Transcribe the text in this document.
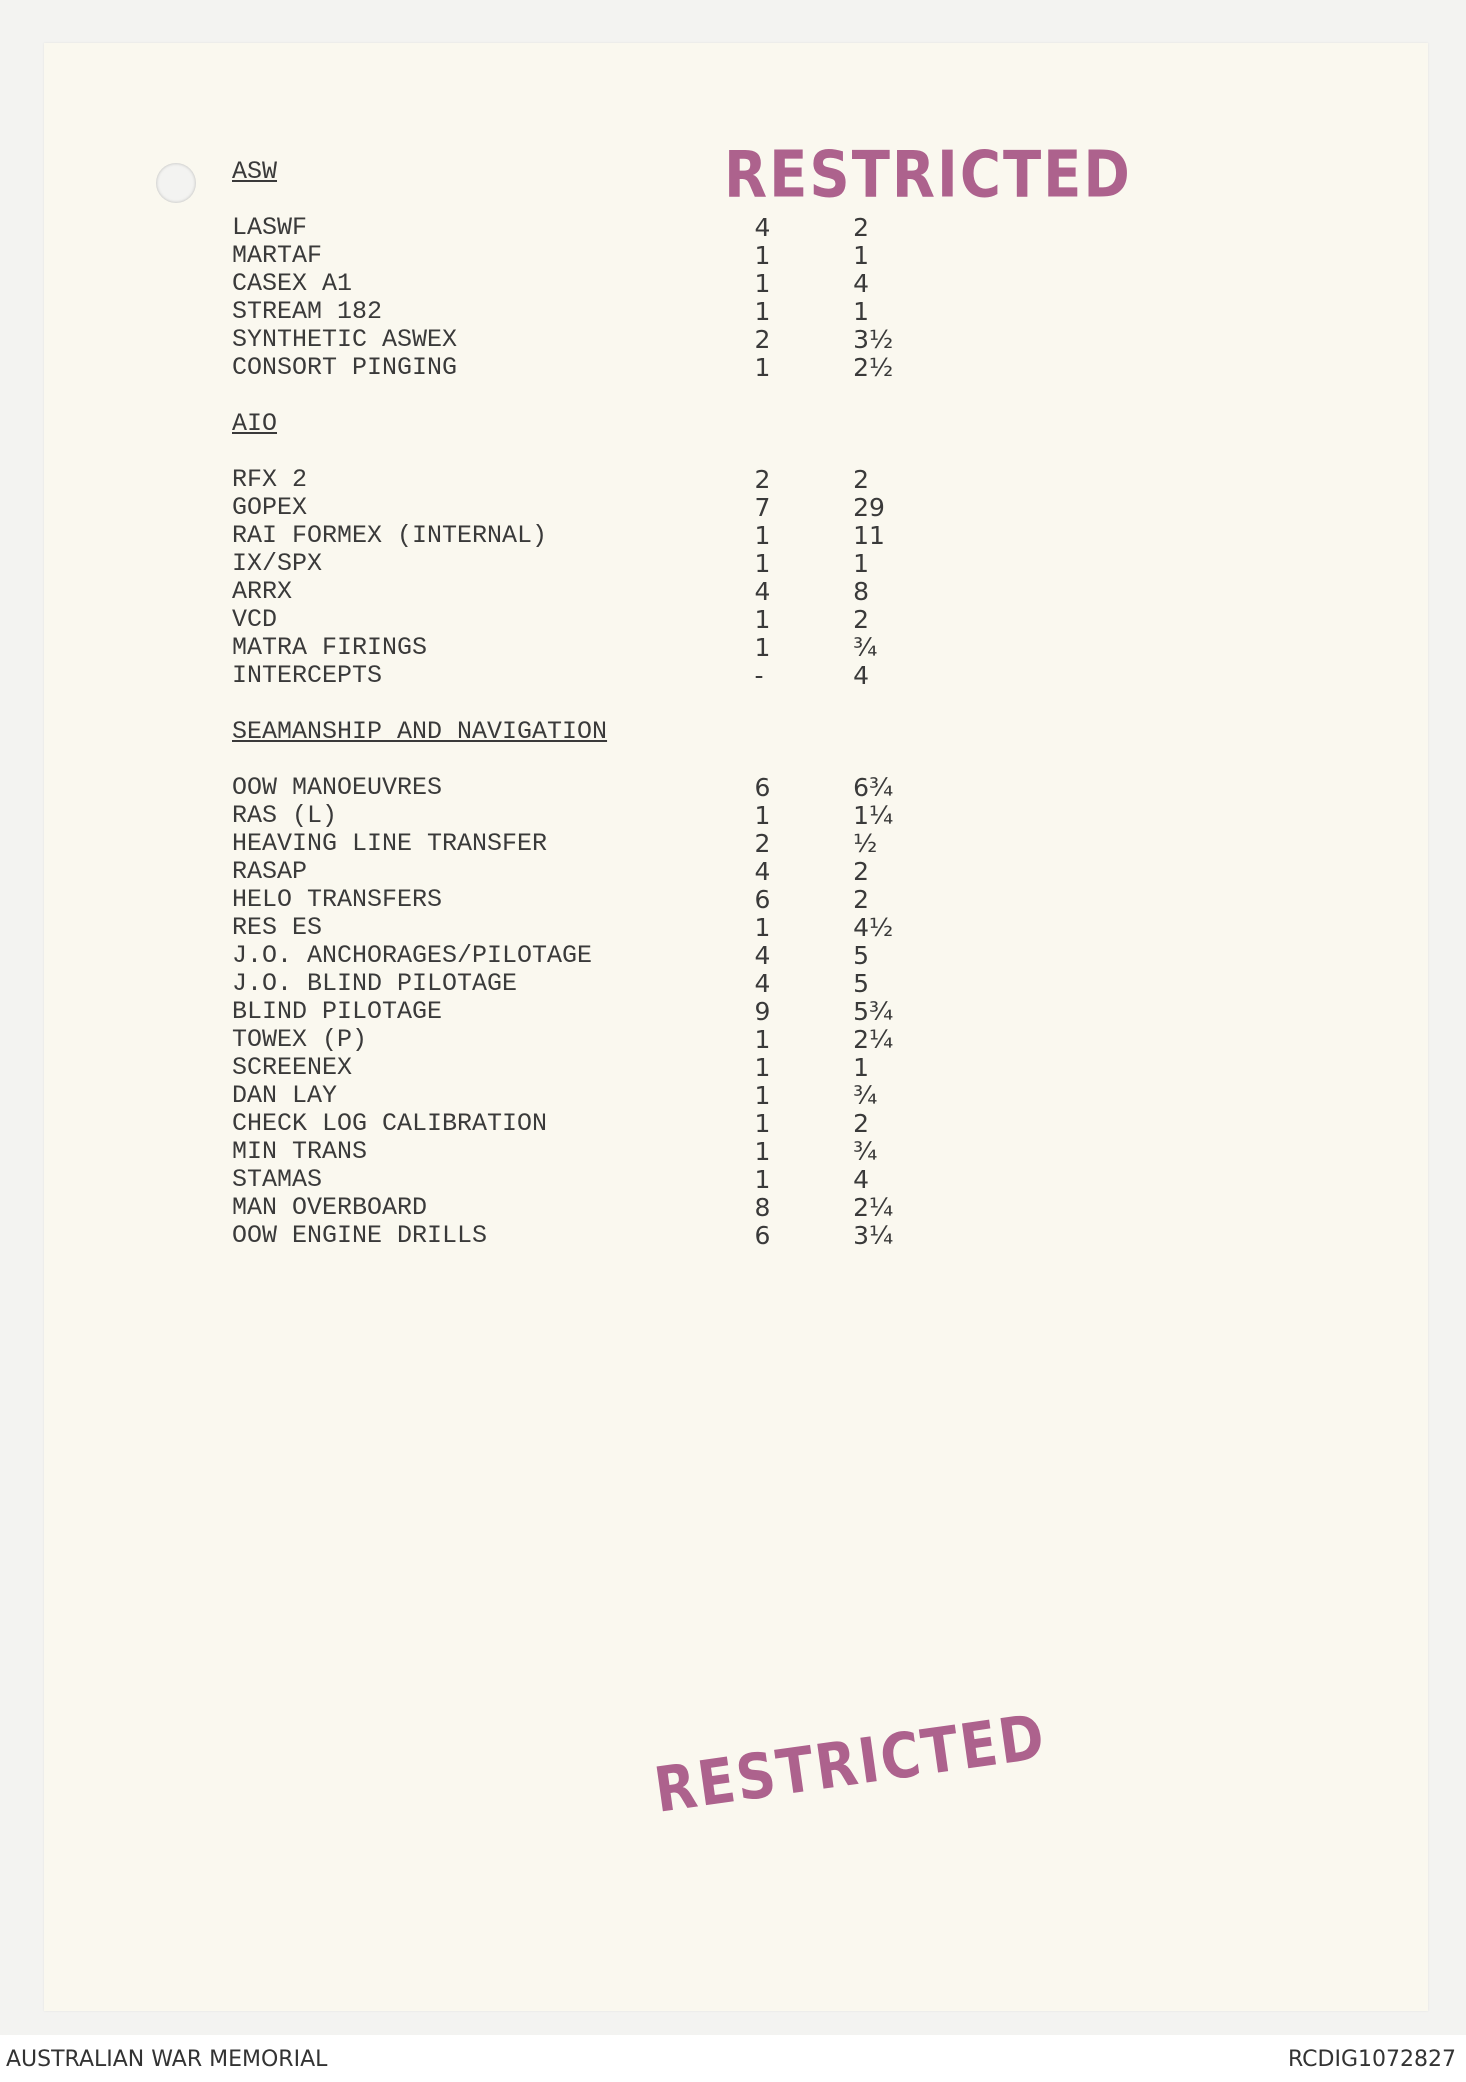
RESTRICTED
ASW
LASWF	4	2
MARTAF	1	1
CASEX A1	1	4
STREAM 182	1	1
SYNTHETIC ASWEX	2	3½
CONSORT PINGING	1	2½
AIO
RFX 2	2	2
GOPEX	7	29
RAI FORMEX (INTERNAL)	1	11
IX/SPX	1	1
ARRX	4	8
VCD	1	2
MATRA FIRINGS	1	¾
INTERCEPTS	-	4
SEAMANSHIP AND NAVIGATION
OOW MANOEUVRES	6	6¾
RAS (L)	1	1¼
HEAVING LINE TRANSFER	2	½
RASAP	4	2
HELO TRANSFERS	6	2
RES ES	1	4½
J.O. ANCHORAGES/PILOTAGE	4	5
J.O. BLIND PILOTAGE	4	5
BLIND PILOTAGE	9	5¾
TOWEX (P)	1	2¼
SCREENEX	1	1
DAN LAY	1	¾
CHECK LOG CALIBRATION	1	2
MIN TRANS	1	¾
STAMAS	1	4
MAN OVERBOARD	8	2¼
OOW ENGINE DRILLS	6	3¼
RESTRICTED
AUSTRALIAN WAR MEMORIAL	RCDIG1072827
